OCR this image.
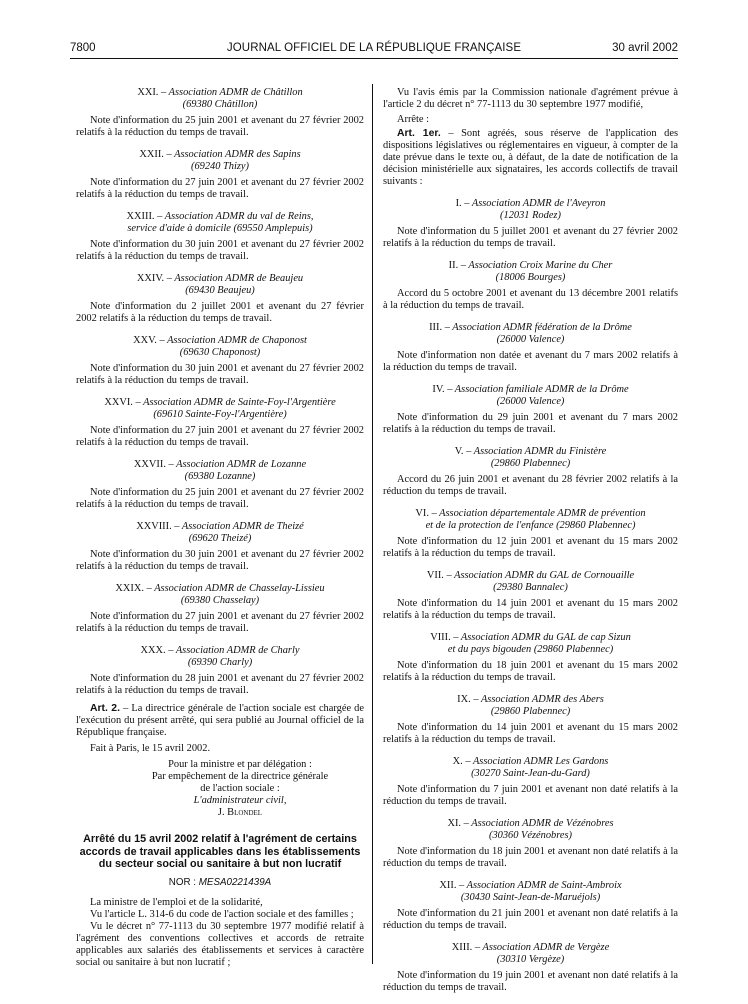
7800	JOURNAL OFFICIEL DE LA RÉPUBLIQUE FRANÇAISE	30 avril 2002

XXI. – Association ADMR de Châtillon

(69380 Châtillon)

Note d'information du 25 juin 2001 et avenant du 27 février 2002 relatifs à la réduction du temps de travail.

XXII. – Association ADMR des Sapins

(69240 Thizy)

Note d'information du 27 juin 2001 et avenant du 27 février 2002 relatifs à la réduction du temps de travail.

XXIII. – Association ADMR du val de Reins,

service d'aide à domicile (69550 Amplepuis)

Note d'information du 30 juin 2001 et avenant du 27 février 2002 relatifs à la réduction du temps de travail.

XXIV. – Association ADMR de Beaujeu

(69430 Beaujeu)

Note d'information du 2 juillet 2001 et avenant du 27 février 2002 relatifs à la réduction du temps de travail.

XXV. – Association ADMR de Chaponost

(69630 Chaponost)

Note d'information du 30 juin 2001 et avenant du 27 février 2002 relatifs à la réduction du temps de travail.

XXVI. – Association ADMR de Sainte-Foy-l'Argentière

(69610 Sainte-Foy-l'Argentière)

Note d'information du 27 juin 2001 et avenant du 27 février 2002 relatifs à la réduction du temps de travail.

XXVII. – Association ADMR de Lozanne

(69380 Lozanne)

Note d'information du 25 juin 2001 et avenant du 27 février 2002 relatifs à la réduction du temps de travail.

XXVIII. – Association ADMR de Theizé

(69620 Theizé)

Note d'information du 30 juin 2001 et avenant du 27 février 2002 relatifs à la réduction du temps de travail.

XXIX. – Association ADMR de Chasselay-Lissieu

(69380 Chasselay)

Note d'information du 27 juin 2001 et avenant du 27 février 2002 relatifs à la réduction du temps de travail.

XXX. – Association ADMR de Charly

(69390 Charly)

Note d'information du 28 juin 2001 et avenant du 27 février 2002 relatifs à la réduction du temps de travail.

Art. 2. – La directrice générale de l'action sociale est chargée de l'exécution du présent arrêté, qui sera publié au Journal officiel de la République française.

Fait à Paris, le 15 avril 2002.

Pour la ministre et par délégation :

Par empêchement de la directrice générale

de l'action sociale :

L'administrateur civil,

J. Blondel

Arrêté du 15 avril 2002 relatif à l'agrément de certains accords de travail applicables dans les établissements du secteur social ou sanitaire à but non lucratif

NOR : MESA0221439A

La ministre de l'emploi et de la solidarité,

Vu l'article L. 314-6 du code de l'action sociale et des familles ;

Vu le décret n° 77-1113 du 30 septembre 1977 modifié relatif à l'agrément des conventions collectives et accords de retraite applicables aux salariés des établissements et services à caractère social ou sanitaire à but non lucratif ;

Vu l'avis émis par la Commission nationale d'agrément prévue à l'article 2 du décret n° 77-1113 du 30 septembre 1977 modifié,

Arrête :

Art. 1er. – Sont agréés, sous réserve de l'application des dispositions législatives ou réglementaires en vigueur, à compter de la date prévue dans le texte ou, à défaut, de la date de notification de la décision ministérielle aux signataires, les accords collectifs de travail suivants :

I. – Association ADMR de l'Aveyron

(12031 Rodez)

Note d'information du 5 juillet 2001 et avenant du 27 février 2002 relatifs à la réduction du temps de travail.

II. – Association Croix Marine du Cher

(18006 Bourges)

Accord du 5 octobre 2001 et avenant du 13 décembre 2001 relatifs à la réduction du temps de travail.

III. – Association ADMR fédération de la Drôme

(26000 Valence)

Note d'information non datée et avenant du 7 mars 2002 relatifs à la réduction du temps de travail.

IV. – Association familiale ADMR de la Drôme

(26000 Valence)

Note d'information du 29 juin 2001 et avenant du 7 mars 2002 relatifs à la réduction du temps de travail.

V. – Association ADMR du Finistère

(29860 Plabennec)

Accord du 26 juin 2001 et avenant du 28 février 2002 relatifs à la réduction du temps de travail.

VI. – Association départementale ADMR de prévention

et de la protection de l'enfance (29860 Plabennec)

Note d'information du 12 juin 2001 et avenant du 15 mars 2002 relatifs à la réduction du temps de travail.

VII. – Association ADMR du GAL de Cornouaille

(29380 Bannalec)

Note d'information du 14 juin 2001 et avenant du 15 mars 2002 relatifs à la réduction du temps de travail.

VIII. – Association ADMR du GAL de cap Sizun

et du pays bigouden (29860 Plabennec)

Note d'information du 18 juin 2001 et avenant du 15 mars 2002 relatifs à la réduction du temps de travail.

IX. – Association ADMR des Abers

(29860 Plabennec)

Note d'information du 14 juin 2001 et avenant du 15 mars 2002 relatifs à la réduction du temps de travail.

X. – Association ADMR Les Gardons

(30270 Saint-Jean-du-Gard)

Note d'information du 7 juin 2001 et avenant non daté relatifs à la réduction du temps de travail.

XI. – Association ADMR de Vézénobres

(30360 Vézénobres)

Note d'information du 18 juin 2001 et avenant non daté relatifs à la réduction du temps de travail.

XII. – Association ADMR de Saint-Ambroix

(30430 Saint-Jean-de-Maruéjols)

Note d'information du 21 juin 2001 et avenant non daté relatifs à la réduction du temps de travail.

XIII. – Association ADMR de Vergèze

(30310 Vergèze)

Note d'information du 19 juin 2001 et avenant non daté relatifs à la réduction du temps de travail.
